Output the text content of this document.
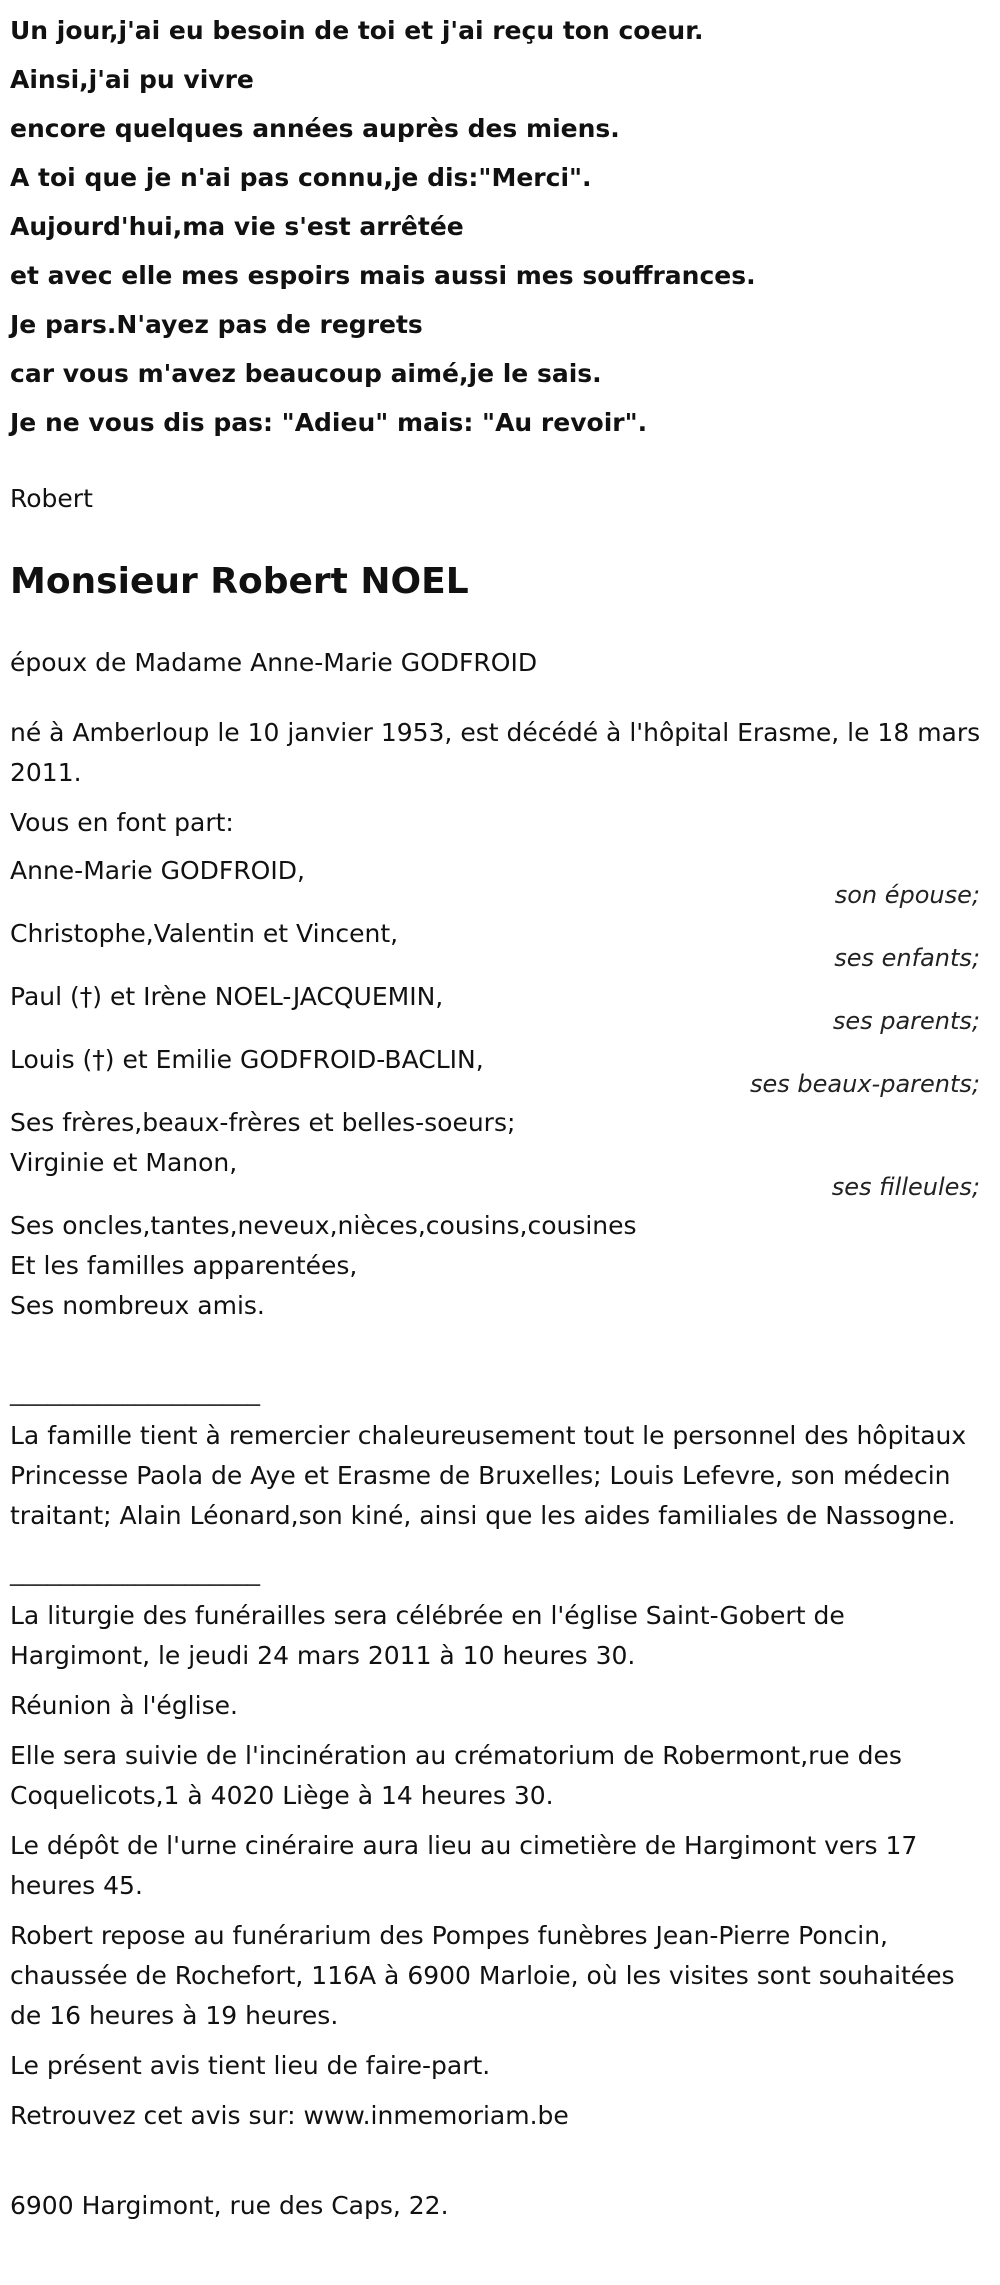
Un jour,j'ai eu besoin de toi et j'ai reçu ton coeur.
Ainsi,j'ai pu vivre
encore quelques années auprès des miens.
A toi que je n'ai pas connu,je dis:"Merci".
Aujourd'hui,ma vie s'est arrêtée
et avec elle mes espoirs mais aussi mes souffrances.
Je pars.N'ayez pas de regrets
car vous m'avez beaucoup aimé,je le sais.
Je ne vous dis pas: "Adieu" mais: "Au revoir".
Robert
Monsieur Robert NOEL
époux de Madame Anne-Marie GODFROID
né à Amberloup le 10 janvier 1953, est décédé à l'hôpital Erasme, le 18 mars 2011.
Vous en font part:
Anne-Marie GODFROID,
son épouse;
Christophe,Valentin et Vincent,
ses enfants;
Paul (†) et Irène NOEL-JACQUEMIN,
ses parents;
Louis (†) et Emilie GODFROID-BACLIN,
ses beaux-parents;
Ses frères,beaux-frères et belles-soeurs;
Virginie et Manon,
ses filleules;
Ses oncles,tantes,neveux,nièces,cousins,cousines
Et les familles apparentées,
Ses nombreux amis.
____________________
La famille tient à remercier chaleureusement tout le personnel des hôpitaux Princesse Paola de Aye et Erasme de Bruxelles; Louis Lefevre, son médecin traitant; Alain Léonard,son kiné, ainsi que les aides familiales de Nassogne.
____________________
La liturgie des funérailles sera célébrée en l'église Saint-Gobert de Hargimont, le jeudi 24 mars 2011 à 10 heures 30.
Réunion à l'église.
Elle sera suivie de l'incinération au crématorium de Robermont,rue des Coquelicots,1 à 4020 Liège à 14 heures 30.
Le dépôt de l'urne cinéraire aura lieu au cimetière de Hargimont vers 17 heures 45.
Robert repose au funérarium des Pompes funèbres Jean-Pierre Poncin, chaussée de Rochefort, 116A à 6900 Marloie, où les visites sont souhaitées de 16 heures à 19 heures.
Le présent avis tient lieu de faire-part.
Retrouvez cet avis sur: www.inmemoriam.be
6900 Hargimont, rue des Caps, 22.
